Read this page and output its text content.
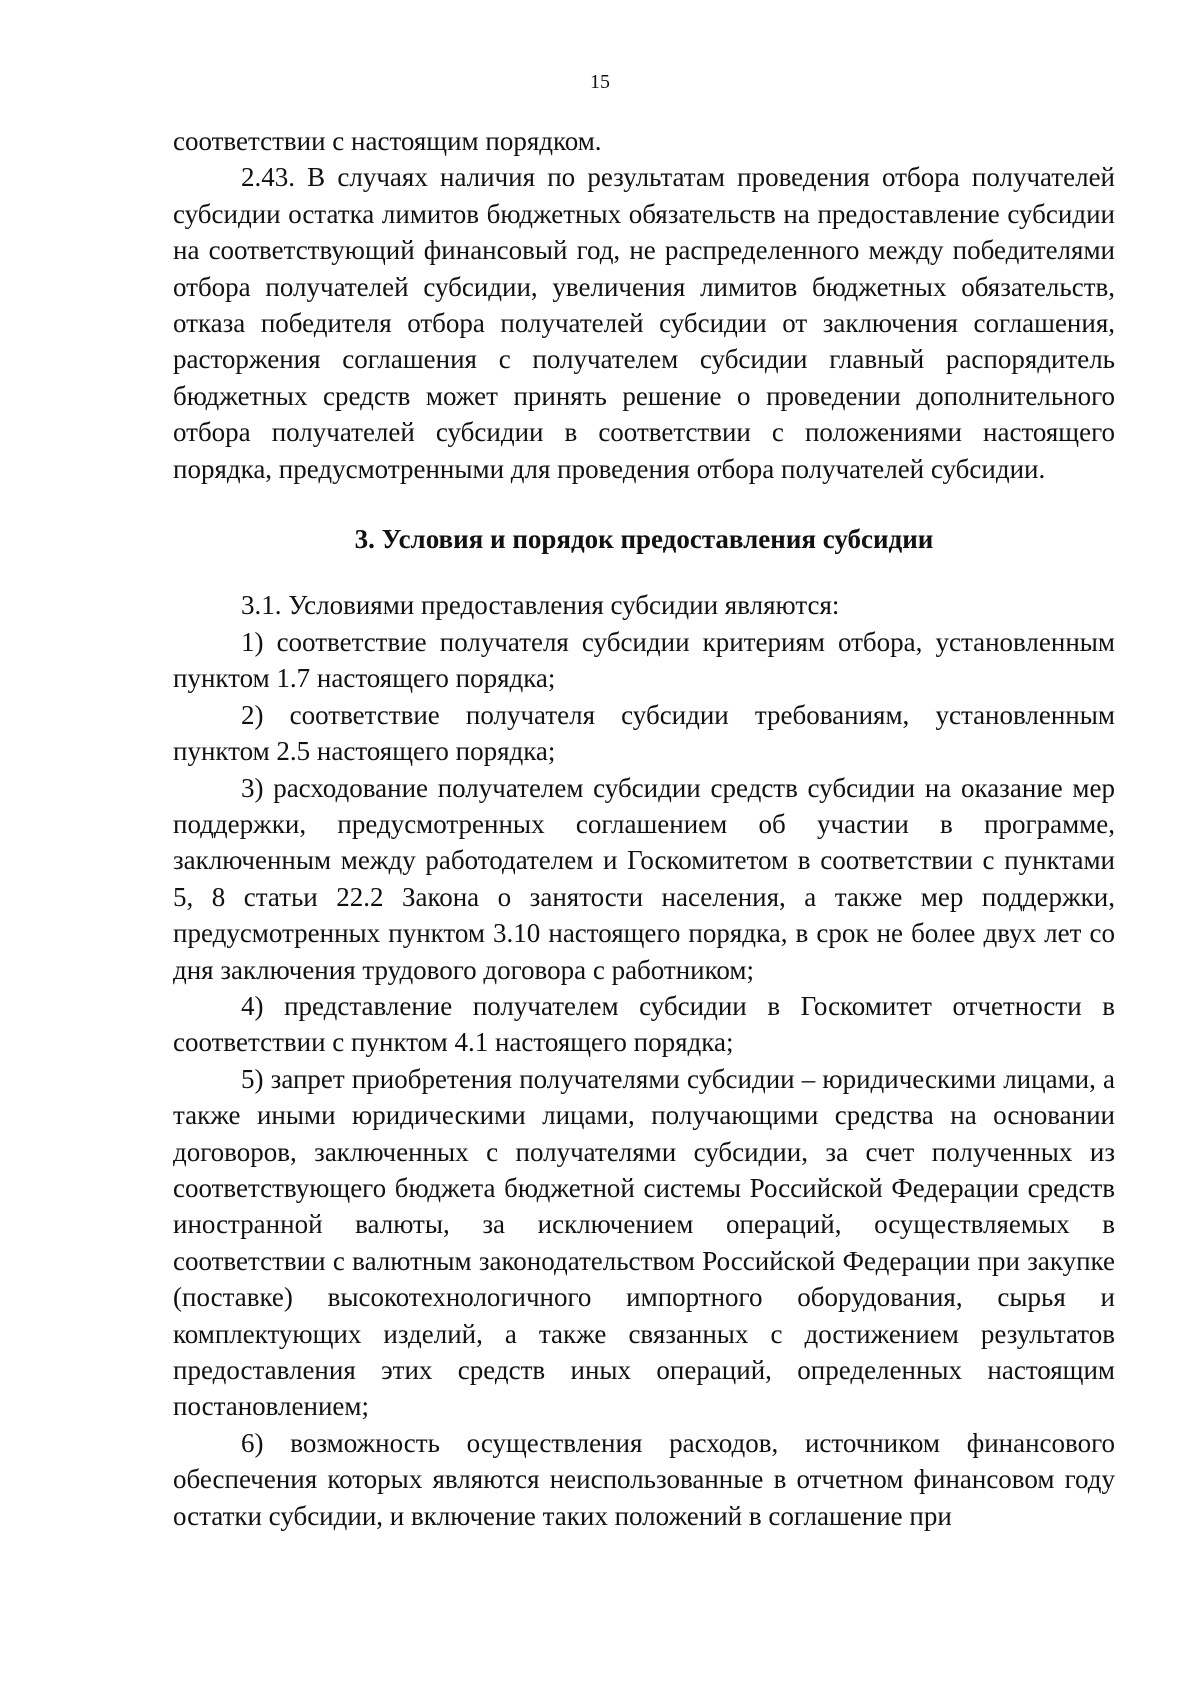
15

соответствии с настоящим порядком.

2.43. В случаях наличия по результатам проведения отбора получателей субсидии остатка лимитов бюджетных обязательств на предоставление субсидии на соответствующий финансовый год, не распределенного между победителями отбора получателей субсидии, увеличения лимитов бюджетных обязательств, отказа победителя отбора получателей субсидии от заключения соглашения, расторжения соглашения с получателем субсидии главный распорядитель бюджетных средств может принять решение о проведении дополнительного отбора получателей субсидии в соответствии с положениями настоящего порядка, предусмотренными для проведения отбора получателей субсидии.

3. Условия и порядок предоставления субсидии

3.1. Условиями предоставления субсидии являются:

1) соответствие получателя субсидии критериям отбора, установленным пунктом 1.7 настоящего порядка;

2) соответствие получателя субсидии требованиям, установленным пунктом 2.5 настоящего порядка;

3) расходование получателем субсидии средств субсидии на оказание мер поддержки, предусмотренных соглашением об участии в программе, заключенным между работодателем и Госкомитетом в соответствии с пунктами 5, 8 статьи 22.2 Закона о занятости населения, а также мер поддержки, предусмотренных пунктом 3.10 настоящего порядка, в срок не более двух лет со дня заключения трудового договора с работником;

4) представление получателем субсидии в Госкомитет отчетности в соответствии с пунктом 4.1 настоящего порядка;

5) запрет приобретения получателями субсидии – юридическими лицами, а также иными юридическими лицами, получающими средства на основании договоров, заключенных с получателями субсидии, за счет полученных из соответствующего бюджета бюджетной системы Российской Федерации средств иностранной валюты, за исключением операций, осуществляемых в соответствии с валютным законодательством Российской Федерации при закупке (поставке) высокотехнологичного импортного оборудования, сырья и комплектующих изделий, а также связанных с достижением результатов предоставления этих средств иных операций, определенных настоящим постановлением;

6) возможность осуществления расходов, источником финансового обеспечения которых являются неиспользованные в отчетном финансовом году остатки субсидии, и включение таких положений в соглашение при
